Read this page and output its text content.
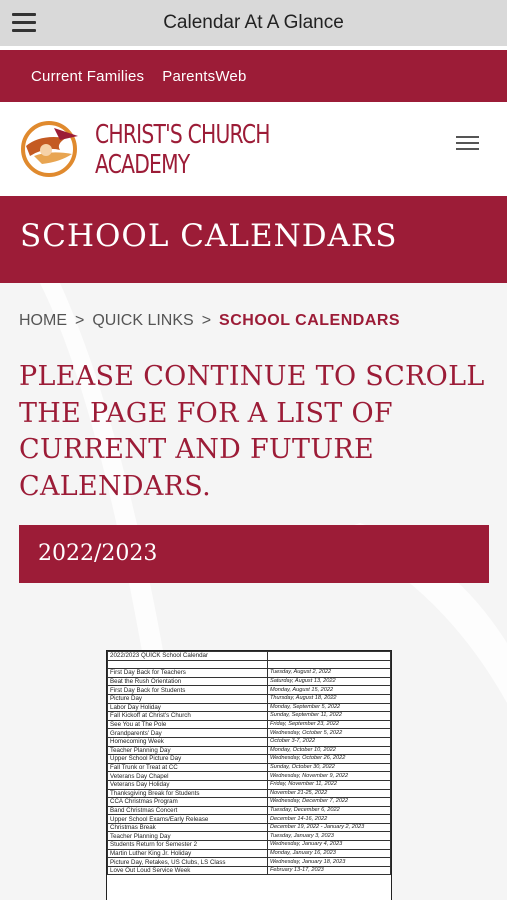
Calendar At A Glance
Current Families ParentsWeb
CHRIST'S CHURCH
ACADEMY
SCHOOL CALENDARS
HOME > QUICK LINKS > SCHOOL CALENDARS

PLEASE CONTINUE TO SCROLL THE PAGE FOR A LIST OF CURRENT AND FUTURE CALENDARS.

2022/2023
2022/2023 QUICK School Calendar	

First Day Back for Teachers	Tuesday, August 2, 2022
Beat the Rush Orientation	Saturday, August 13, 2022
First Day Back for Students	Monday, August 15, 2022
Picture Day	Thursday, August 18, 2022
Labor Day Holiday	Monday, September 5, 2022
Fall Kickoff at Christ's Church	Sunday, September 11, 2022
See You at The Pole	Friday, September 23, 2022
Grandparents' Day	Wednesday, October 5, 2022
Homecoming Week	October 3-7, 2022
Teacher Planning Day	Monday, October 10, 2022
Upper School Picture Day	Wednesday, October 26, 2022
Fall Trunk or Treat at CC	Sunday, October 30, 2022
Veterans Day Chapel	Wednesday, November 9, 2022
Veterans Day Holiday	Friday, November 11, 2022
Thanksgiving Break for Students	November 21-25, 2022
CCA Christmas Program	Wednesday, December 7, 2022
Band Christmas Concert	Tuesday, December 6, 2022
Upper School Exams/Early Release	December 14-16, 2022
Christmas Break	December 19, 2022 - January 2, 2023
Teacher Planning Day	Tuesday, January 3, 2023
Students Return for Semester 2	Wednesday, January 4, 2023
Martin Luther King Jr. Holiday	Monday, January 16, 2023
Picture Day, Retakes, US Clubs, LS Class	Wednesday, January 18, 2023
Love Out Loud Service Week	February 13-17, 2023
